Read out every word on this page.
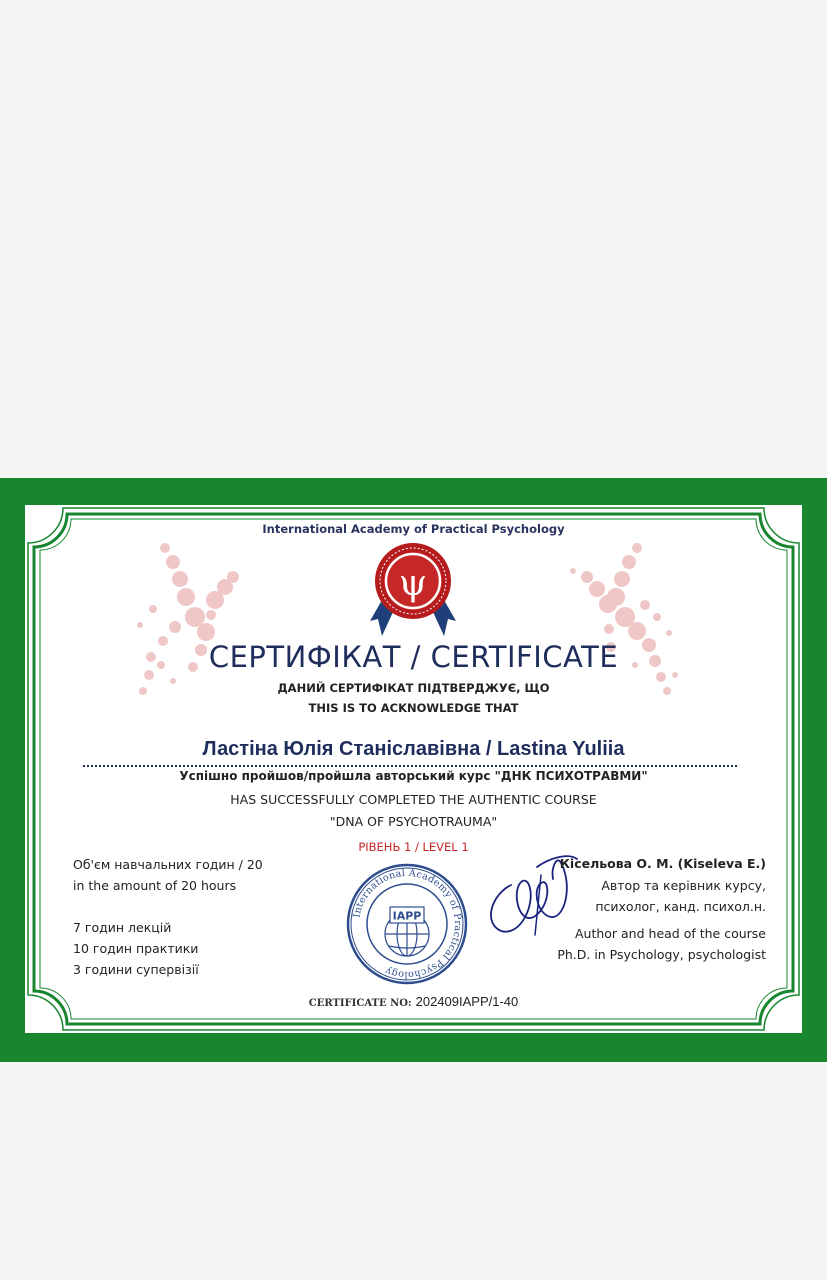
International Academy of Practical Psychology
ψ
СЕРТИФІКАТ / CERTIFICATE
ДАНИЙ СЕРТИФІКАТ ПІДТВЕРДЖУЄ, ЩО
THIS IS TO ACKNOWLEDGE THAT
Ластіна Юлія Станіславівна / Lastina Yuliia
Успішно пройшов/пройшла авторський курс "ДНК ПСИХОТРАВМИ"
HAS SUCCESSFULLY COMPLETED THE AUTHENTIC COURSE
"DNA OF PSYCHOTRAUMA"
РІВЕНЬ 1 / LEVEL 1
Об'єм навчальних годин / 20
in the amount of 20 hours
7 годин лекцій
10 годин практики
3 години супервізії
International Academy of Practical Psychology
IAPP
Кісельова О. М. (Kiseleva E.)
Автор та керівник курсу,
психолог, канд. психол.н.
Author and head of the course
Ph.D. in Psychology, psychologist
CERTIFICATE NO: 202409IAPP/1-40
